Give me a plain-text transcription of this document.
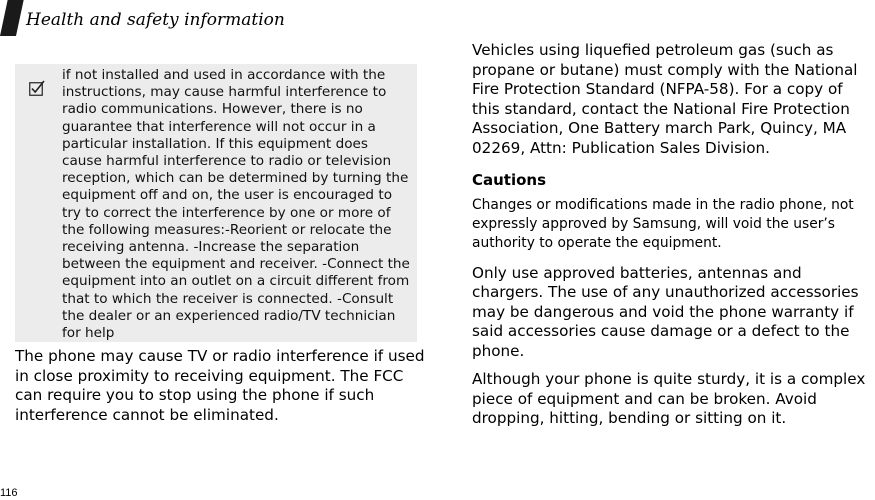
Health and safety information
if not installed and used in accordance with the instructions, may cause harmful interference to radio communications. However, there is no guarantee that interference will not occur in a particular installation. If this equipment does cause harmful interference to radio or television reception, which can be determined by turning the equipment off and on, the user is encouraged to try to correct the interference by one or more of the following measures:-Reorient or relocate the receiving antenna. -Increase the separation between the equipment and receiver. -Connect the equipment into an outlet on a circuit different from that to which the receiver is connected. -Consult the dealer or an experienced radio/TV technician for help
The phone may cause TV or radio interference if used in close proximity to receiving equipment. The FCC can require you to stop using the phone if such interference cannot be eliminated.

Vehicles using liquefied petroleum gas (such as propane or butane) must comply with the National Fire Protection Standard (NFPA-58). For a copy of this standard, contact the National Fire Protection Association, One Battery march Park, Quincy, MA 02269, Attn: Publication Sales Division.

Cautions

Changes or modifications made in the radio phone, not expressly approved by Samsung, will void the user’s authority to operate the equipment.

Only use approved batteries, antennas and chargers. The use of any unauthorized accessories may be dangerous and void the phone warranty if said accessories cause damage or a defect to the phone.

Although your phone is quite sturdy, it is a complex piece of equipment and can be broken. Avoid dropping, hitting, bending or sitting on it.

116
